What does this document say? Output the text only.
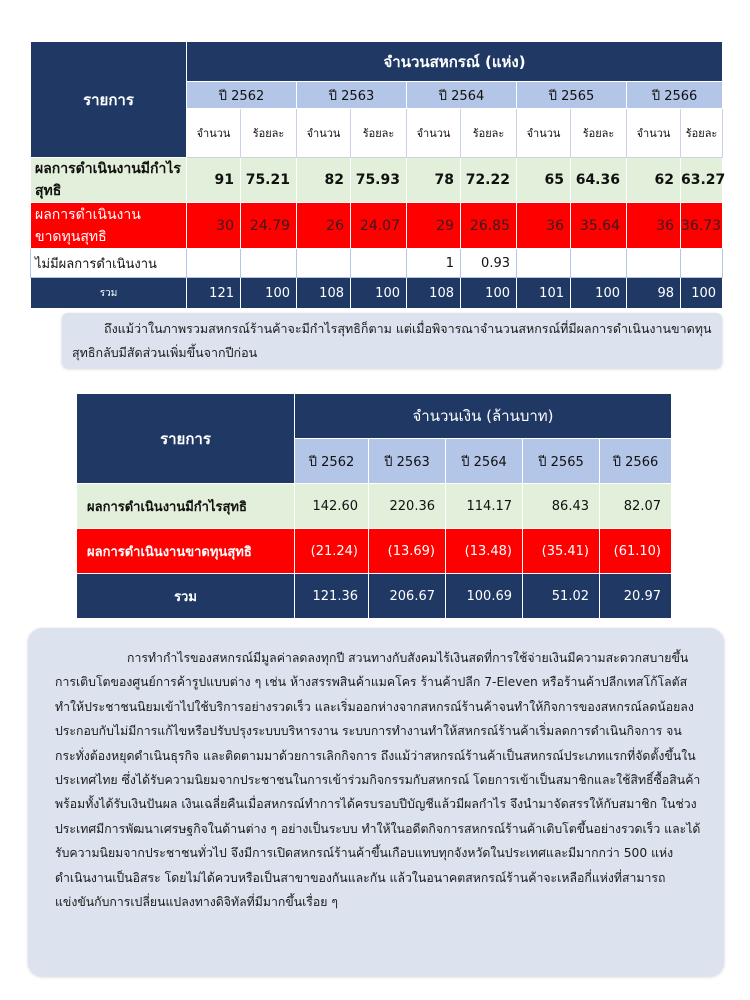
รายการ	จำนวนสหกรณ์ (แห่ง)									
	ปี 2562		ปี 2563		ปี 2564		ปี 2565		ปี 2566	
	จำนวน	ร้อยละ	จำนวน	ร้อยละ	จำนวน	ร้อยละ	จำนวน	ร้อยละ	จำนวน	ร้อยละ
ผลการดำเนินงานมีกำไรสุทธิ	91	75.21	82	75.93	78	72.22	65	64.36	62	63.27
ผลการดำเนินงานขาดทุนสุทธิ	30	24.79	26	24.07	29	26.85	36	35.64	36	36.73
ไม่มีผลการดำเนินงาน					1	0.93				
รวม	121	100	108	100	108	100	101	100	98	100
ถึงแม้ว่าในภาพรวมสหกรณ์ร้านค้าจะมีกำไรสุทธิก็ตาม แต่เมื่อพิจารณาจำนวนสหกรณ์ที่มีผลการดำเนินงานขาดทุนสุทธิกลับมีสัดส่วนเพิ่มขึ้นจากปีก่อน
รายการ	จำนวนเงิน (ล้านบาท)				
	ปี 2562	ปี 2563	ปี 2564	ปี 2565	ปี 2566
ผลการดำเนินงานมีกำไรสุทธิ	142.60	220.36	114.17	86.43	82.07
ผลการดำเนินงานขาดทุนสุทธิ	(21.24)	(13.69)	(13.48)	(35.41)	(61.10)
รวม	121.36	206.67	100.69	51.02	20.97
การทำกำไรของสหกรณ์มีมูลค่าลดลงทุกปี สวนทางกับสังคมไร้เงินสดที่การใช้จ่ายเงินมีความสะดวกสบายขึ้น การเติบโตของศูนย์การค้ารูปแบบต่าง ๆ เช่น ห้างสรรพสินค้าแมคโคร ร้านค้าปลีก 7-Eleven หรือร้านค้าปลีกเทสโก้โลตัส ทำให้ประชาชนนิยมเข้าไปใช้บริการอย่างรวดเร็ว และเริ่มออกห่างจากสหกรณ์ร้านค้าจนทำให้กิจการของสหกรณ์ลดน้อยลง ประกอบกับไม่มีการแก้ไขหรือปรับปรุงระบบบริหารงาน ระบบการทำงานทำให้สหกรณ์ร้านค้าเริ่มลดการดำเนินกิจการ จนกระทั่งต้องหยุดดำเนินธุรกิจ และติดตามมาด้วยการเลิกกิจการ ถึงแม้ว่าสหกรณ์ร้านค้าเป็นสหกรณ์ประเภทแรกที่จัดตั้งขึ้นในประเทศไทย ซึ่งได้รับความนิยมจากประชาชนในการเข้าร่วมกิจกรรมกับสหกรณ์ โดยการเข้าเป็นสมาชิกและใช้สิทธิ์ซื้อสินค้าพร้อมทั้งได้รับเงินปันผล เงินเฉลี่ยคืนเมื่อสหกรณ์ทำการได้ครบรอบปีบัญชีแล้วมีผลกำไร จึงนำมาจัดสรรให้กับสมาชิก ในช่วงประเทศมีการพัฒนาเศรษฐกิจในด้านต่าง ๆ อย่างเป็นระบบ ทำให้ในอดีตกิจการสหกรณ์ร้านค้าเติบโตขึ้นอย่างรวดเร็ว และได้รับความนิยมจากประชาชนทั่วไป จึงมีการเปิดสหกรณ์ร้านค้าขึ้นเกือบแทบทุกจังหวัดในประเทศและมีมากกว่า 500 แห่ง ดำเนินงานเป็นอิสระ โดยไม่ได้ควบหรือเป็นสาขาของกันและกัน แล้วในอนาคตสหกรณ์ร้านค้าจะเหลือกี่แห่งที่สามารถแข่งขันกับการเปลี่ยนแปลงทางดิจิทัลที่มีมากขึ้นเรื่อย ๆ
